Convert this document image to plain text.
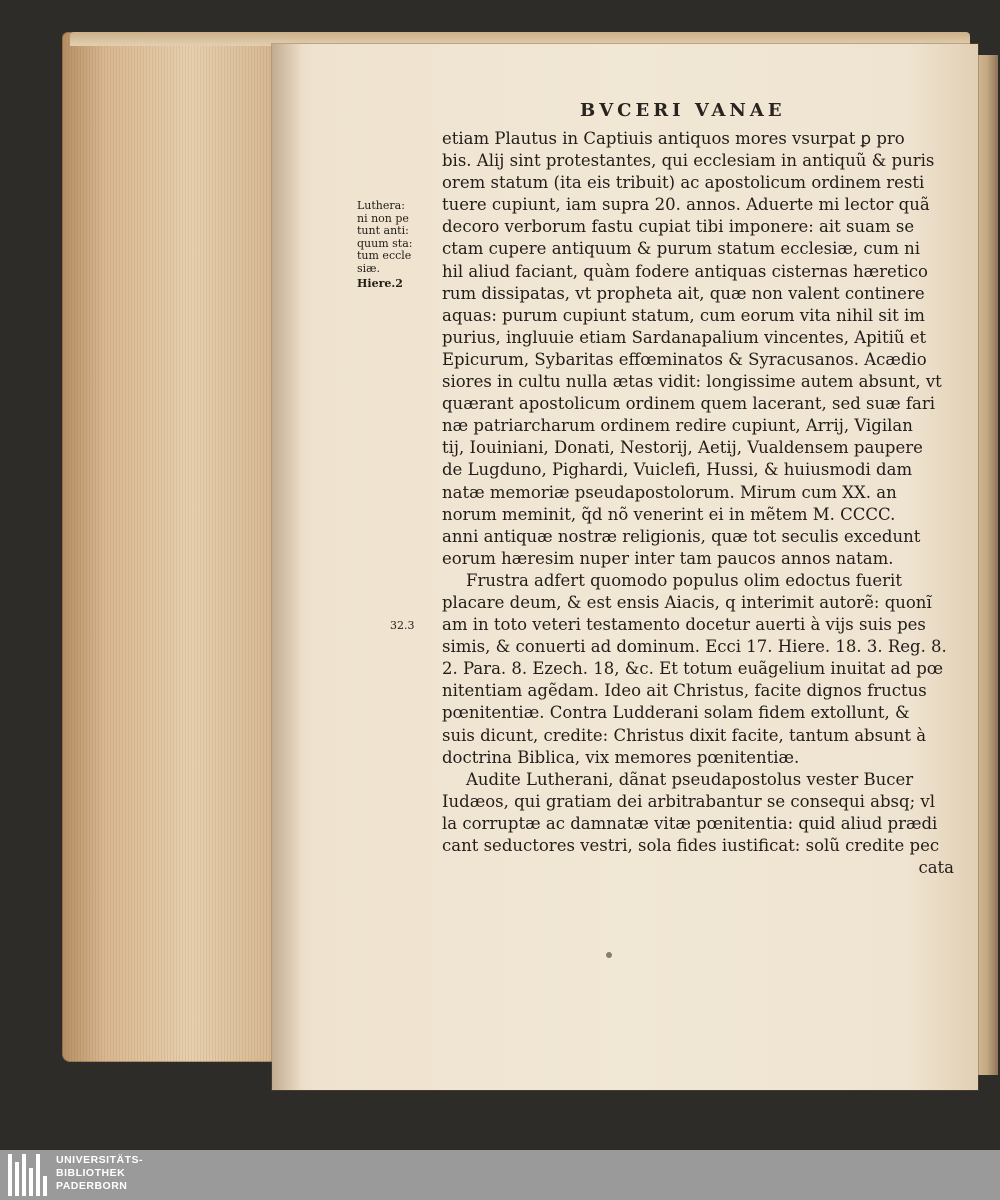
BVCERI VANAE
Luthera:
ni non pe
tunt anti:
quum sta:
tum eccle
siæ.
Hiere.2
32.3
etiam Plautus in Captiuis antiquos mores vsurpat ꝑ pro
bis. Alij sint protestantes, qui ecclesiam in antiquũ & puris
orem statum (ita eis tribuit) ac apostolicum ordinem resti
tuere cupiunt, iam supra 20. annos. Aduerte mi lector quã
decoro verborum fastu cupiat tibi imponere: ait suam se
ctam cupere antiquum & purum statum ecclesiæ, cum ni
hil aliud faciant, quàm fodere antiquas cisternas hæretico
rum dissipatas, vt propheta ait, quæ non valent continere
aquas: purum cupiunt statum, cum eorum vita nihil sit im
purius, ingluuie etiam Sardanapalium vincentes, Apitiũ et
Epicurum, Sybaritas effœminatos & Syracusanos. Acædio
siores in cultu nulla ætas vidit: longissime autem absunt, vt
quærant apostolicum ordinem quem lacerant, sed suæ fari
næ patriarcharum ordinem redire cupiunt, Arrij, Vigilan
tij, Iouiniani, Donati, Nestorij, Aetij, Vualdensem paupere
de Lugduno, Pighardi, Vuiclefi, Hussi, & huiusmodi dam
natæ memoriæ pseudapostolorum. Mirum cum XX. an
norum meminit, q̃d nõ venerint ei in mẽtem M. CCCC.
anni antiquæ nostræ religionis, quæ tot seculis excedunt
eorum hæresim nuper inter tam paucos annos natam.
Frustra adfert quomodo populus olim edoctus fuerit
placare deum, & est ensis Aiacis, q interimit autorẽ: quonĩ
am in toto veteri testamento docetur auerti à vijs suis pes
simis, & conuerti ad dominum. Ecci 17. Hiere. 18. 3. Reg. 8.
2. Para. 8. Ezech. 18, &c. Et totum euãgelium inuitat ad pœ
nitentiam agẽdam. Ideo ait Christus, facite dignos fructus
pœnitentiæ. Contra Ludderani solam fidem extollunt, &
suis dicunt, credite: Christus dixit facite, tantum absunt à
doctrina Biblica, vix memores pœnitentiæ.
Audite Lutherani, dãnat pseudapostolus vester Bucer
Iudæos, qui gratiam dei arbitrabantur se consequi absq; vl
la corruptæ ac damnatæ vitæ pœnitentia: quid aliud prædi
cant seductores vestri, sola fides iustificat: solũ credite pec
cata
UNIVERSITÄTS-
BIBLIOTHEK
PADERBORN
